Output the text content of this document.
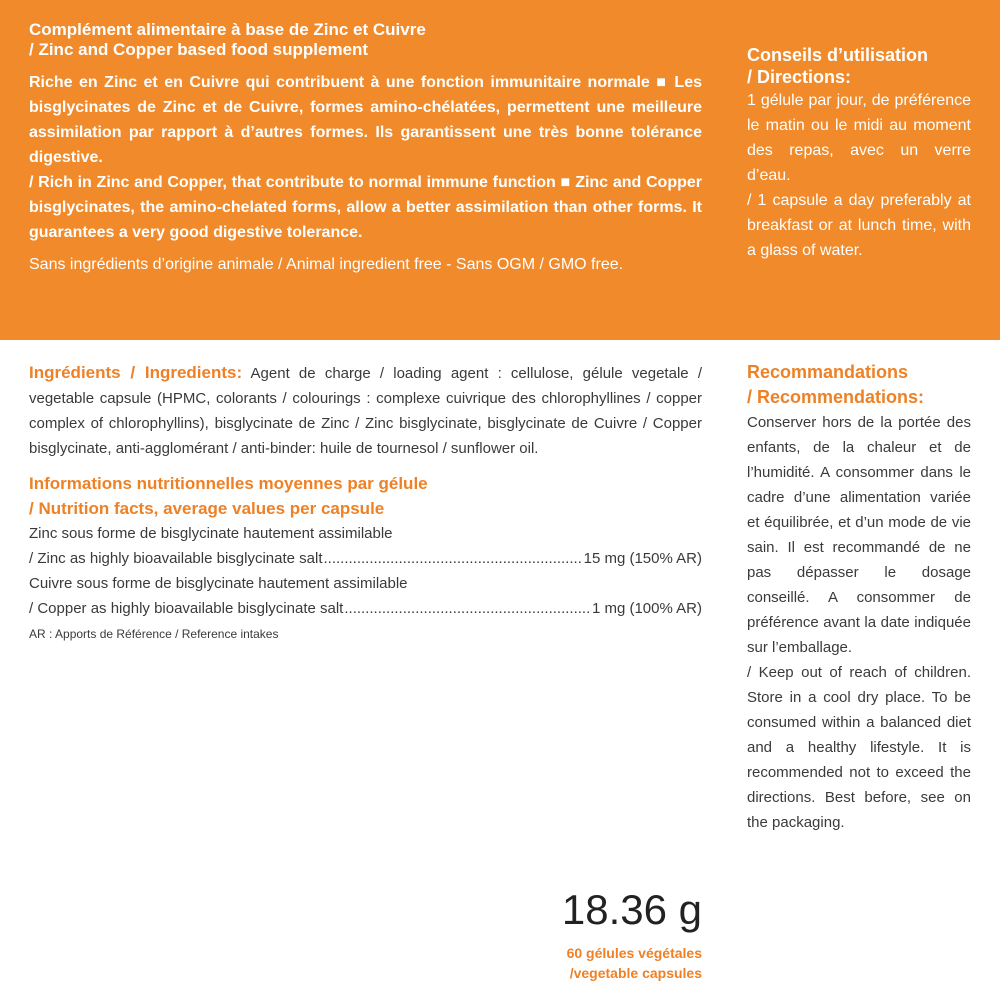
Complément alimentaire à base de Zinc et Cuivre
/ Zinc and Copper based food supplement

Riche en Zinc et en Cuivre qui contribuent à une fonction immunitaire normale ■ Les bisglycinates de Zinc et de Cuivre, formes amino-chélatées, permettent une meilleure assimilation par rapport à d’autres formes. Ils garantissent une très bonne tolérance digestive.

/ Rich in Zinc and Copper, that contribute to normal immune function ■ Zinc and Copper bisglycinates, the amino-chelated forms, allow a better assimilation than other forms. It guarantees a very good digestive tolerance.

Sans ingrédients d’origine animale / Animal ingredient free - Sans OGM / GMO free.

Conseils d’utilisation

/ Directions:

1 gélule par jour, de préférence le matin ou le midi au moment des repas, avec un verre d’eau.

/ 1 capsule a day preferably at breakfast or at lunch time, with a glass of water.

Ingrédients / Ingredients: Agent de charge / loading agent : cellulose, gélule vegetale / vegetable capsule (HPMC, colorants / colourings : complexe cuivrique des chlorophyllines / copper complex of chlorophyllins), bisglycinate de Zinc / Zinc bisglycinate, bisglycinate de Cuivre / Copper bisglycinate, anti-agglomérant / anti-binder: huile de tournesol / sunflower oil.

Informations nutritionnelles moyennes par gélule

/ Nutrition facts, average values per capsule

Zinc sous forme de bisglycinate hautement assimilable
/ Zinc as highly bioavailable bisglycinate salt .....	15 mg (150% AR)
Cuivre sous forme de bisglycinate hautement assimilable
/ Copper as highly bioavailable bisglycinate salt .....	1 mg (100% AR)

AR : Apports de Référence / Reference intakes

Recommandations

/ Recommendations:

Conserver hors de la portée des enfants, de la chaleur et de l’humidité. A consommer dans le cadre d’une alimentation variée et équilibrée, et d’un mode de vie sain. Il est recommandé de ne pas dépasser le dosage conseillé. A consommer de préférence avant la date indiquée sur l’emballage.

/ Keep out of reach of children. Store in a cool dry place. To be consumed within a balanced diet and a healthy lifestyle. It is recommended not to exceed the directions. Best before, see on the packaging.

18.36 g
60 gélules végétales
/vegetable capsules
